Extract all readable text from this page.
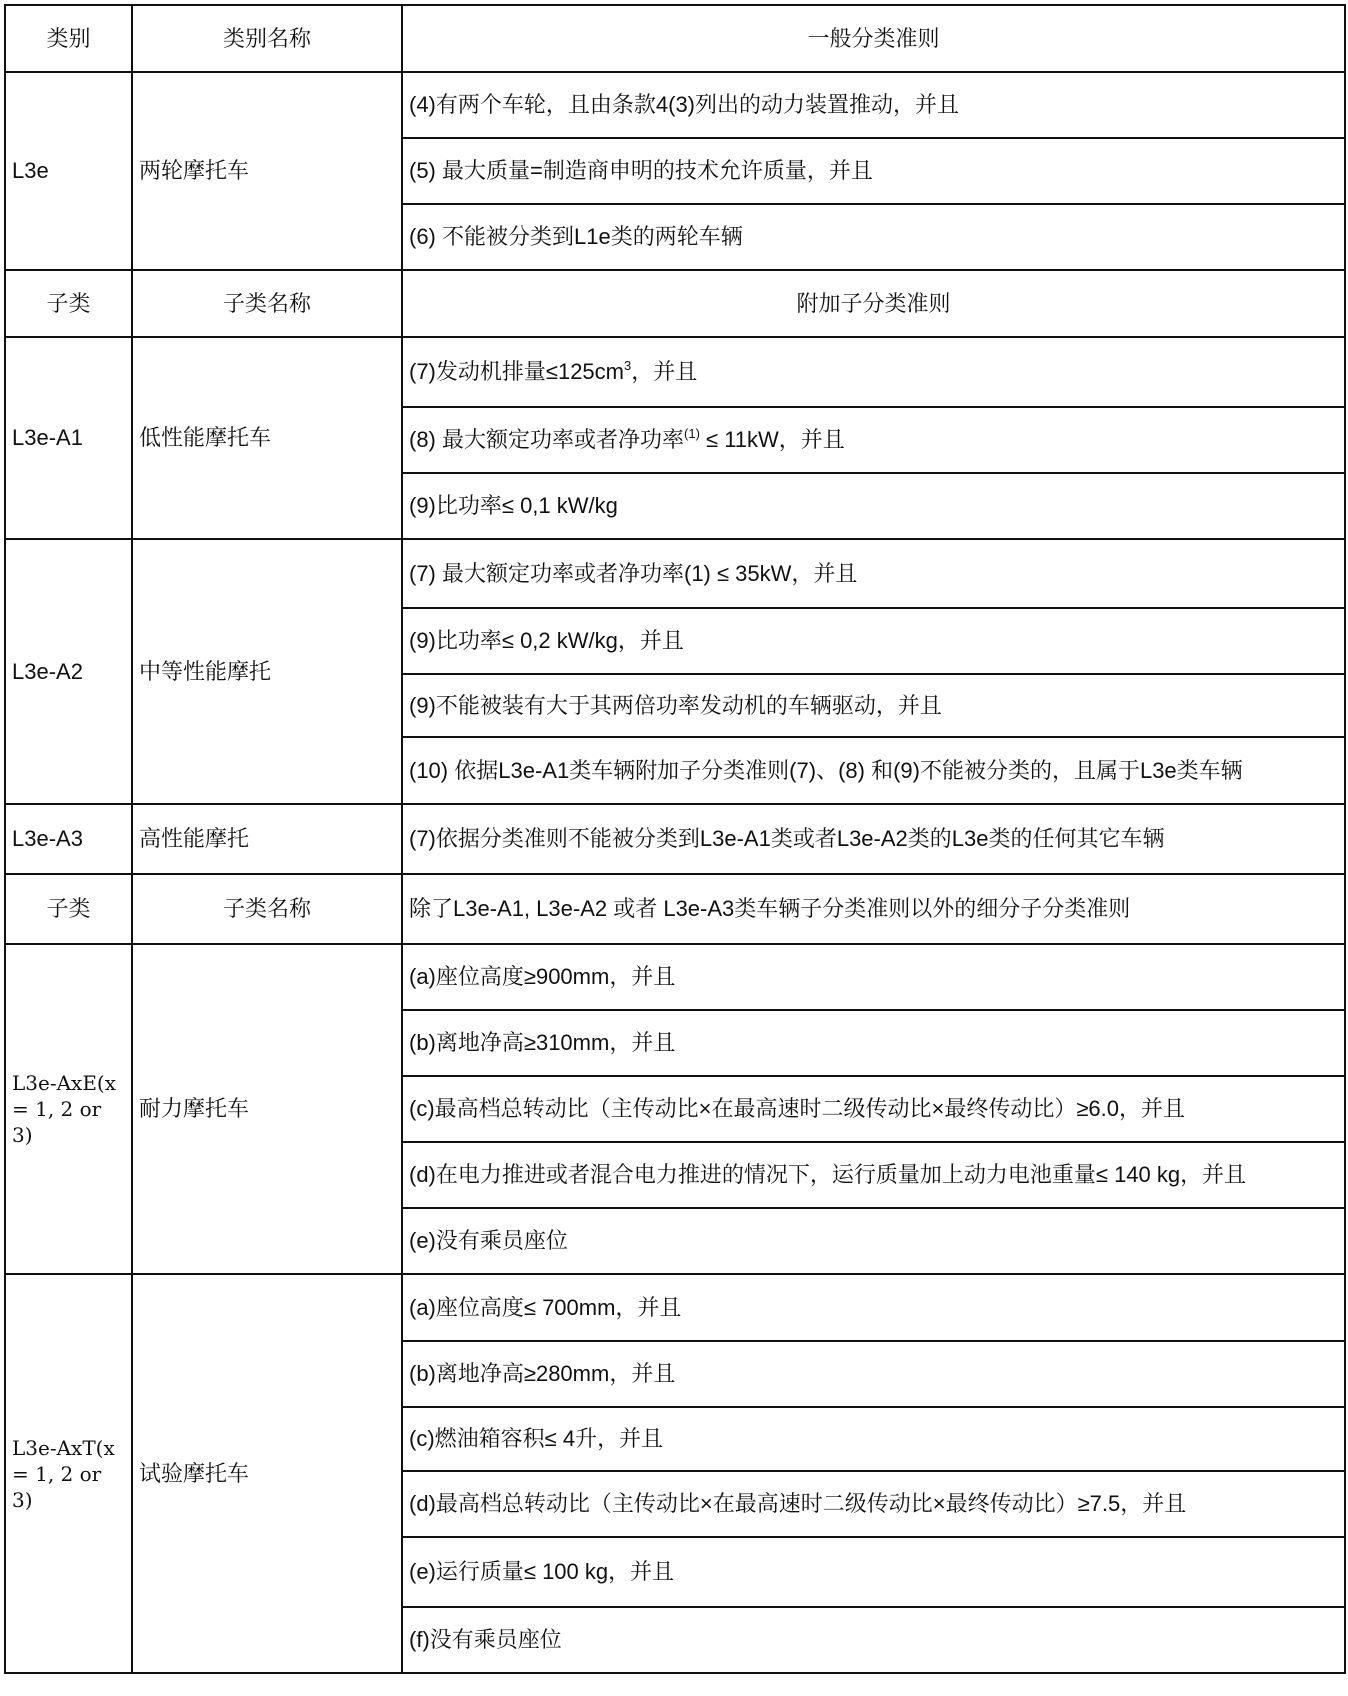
类别	类别名称	一般分类准则
L3e	两轮摩托车	(4)有两个车轮，且由条款4(3)列出的动力装置推动，并且
		(5) 最大质量=制造商申明的技术允许质量，并且
		(6) 不能被分类到L1e类的两轮车辆
子类	子类名称	附加子分类准则
L3e-A1	低性能摩托车	(7)发动机排量$\le 125cm^3$，并且
		(8) 最大额定功率或者净功率$^{(1)}$ ≤ 11kW，并且
		(9)比功率≤ 0,1 kW/kg
L3e-A2	中等性能摩托	(7) 最大额定功率或者净功率(1) ≤ 35kW，并且
		(9)比功率≤ 0,2 kW/kg，并且
		(9)不能被装有大于其两倍功率发动机的车辆驱动，并且
		(10) 依据L3e-A1类车辆附加子分类准则(7)、(8) 和(9)不能被分类的，且属于L3e类车辆
L3e-A3	高性能摩托	(7)依据分类准则不能被分类到L3e-A1类或者L3e-A2类的L3e类的任何其它车辆
子类	子类名称	除了L3e-A1, L3e-A2 或者 L3e-A3类车辆子分类准则以外的细分子分类准则
L3e-AxE(x = 1, 2 or 3)	耐力摩托车	(a)座位高度≥900mm，并且
		(b)离地净高≥310mm，并且
		(c)最高档总转动比（主传动比×在最高速时二级传动比×最终传动比）≥6.0，并且
		(d)在电力推进或者混合电力推进的情况下，运行质量加上动力电池重量≤ 140 kg，并且
		(e)没有乘员座位
L3e-AxT(x = 1, 2 or 3)	试验摩托车	(a)座位高度≤ 700mm，并且
		(b)离地净高≥280mm，并且
		(c)燃油箱容积≤ 4升，并且
		(d)最高档总转动比（主传动比×在最高速时二级传动比×最终传动比）≥7.5，并且
		(e)运行质量≤ 100 kg，并且
		(f)没有乘员座位
